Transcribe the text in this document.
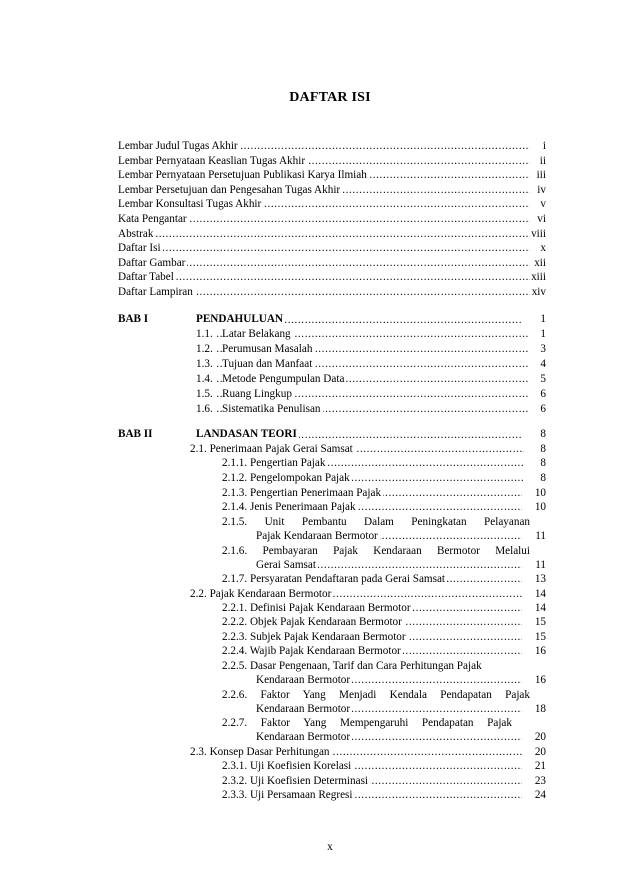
DAFTAR ISI
.....
Lembar Judul Tugas Akhir	i
.....
Lembar Pernyataan Keaslian Tugas Akhir	ii
.....
Lembar Pernyataan Persetujuan Publikasi Karya Ilmiah	iii
.....
Lembar Persetujuan dan Pengesahan Tugas Akhir	iv
.....
Lembar Konsultasi Tugas Akhir	v
.....
Kata Pengantar	vi
.....
Abstrak	viii
.....
Daftar Isi	x
.....
Daftar Gambar	xii
.....
Daftar Tabel	xiii
.....
Daftar Lampiran	xiv
BAB I .....	PENDAHULUAN	1
.....
1.1. Latar Belakang	1
.....
1.2. Perumusan Masalah	3
.....
1.3. Tujuan dan Manfaat	4
.....
1.4. Metode Pengumpulan Data	5
.....
1.5. Ruang Lingkup	6
.....
1.6. Sistematika Penulisan	6
BAB II .....	LANDASAN TEORI	8
.....
2.1. Penerimaan Pajak Gerai Samsat	8
.....
2.1.1. Pengertian Pajak	8
.....
2.1.2. Pengelompokan Pajak	8
.....
2.1.3. Pengertian Penerimaan Pajak	10
.....
2.1.4. Jenis Penerimaan Pajak	10
2.1.5. Unit Pembantu Dalam Peningkatan Pelayanan
.....
Pajak Kendaraan Bermotor	11
2.1.6. Pembayaran Pajak Kendaraan Bermotor Melalui
.....
Gerai Samsat	11
.....
2.1.7. Persyaratan Pendaftaran pada Gerai Samsat	13
.....
2.2. Pajak Kendaraan Bermotor	14
.....
2.2.1. Definisi Pajak Kendaraan Bermotor	14
.....
2.2.2. Objek Pajak Kendaraan Bermotor	15
.....
2.2.3. Subjek Pajak Kendaraan Bermotor	15
.....
2.2.4. Wajib Pajak Kendaraan Bermotor	16
2.2.5. Dasar Pengenaan, Tarif dan Cara Perhitungan Pajak
.....
Kendaraan Bermotor	16
2.2.6. Faktor Yang Menjadi Kendala Pendapatan Pajak
.....
Kendaraan Bermotor	18
2.2.7. Faktor Yang Mempengaruhi Pendapatan Pajak
.....
Kendaraan Bermotor	20
.....
2.3. Konsep Dasar Perhitungan	20
.....
2.3.1. Uji Koefisien Korelasi	21
.....
2.3.2. Uji Koefisien Determinasi	23
.....
2.3.3. Uji Persamaan Regresi	24
x
